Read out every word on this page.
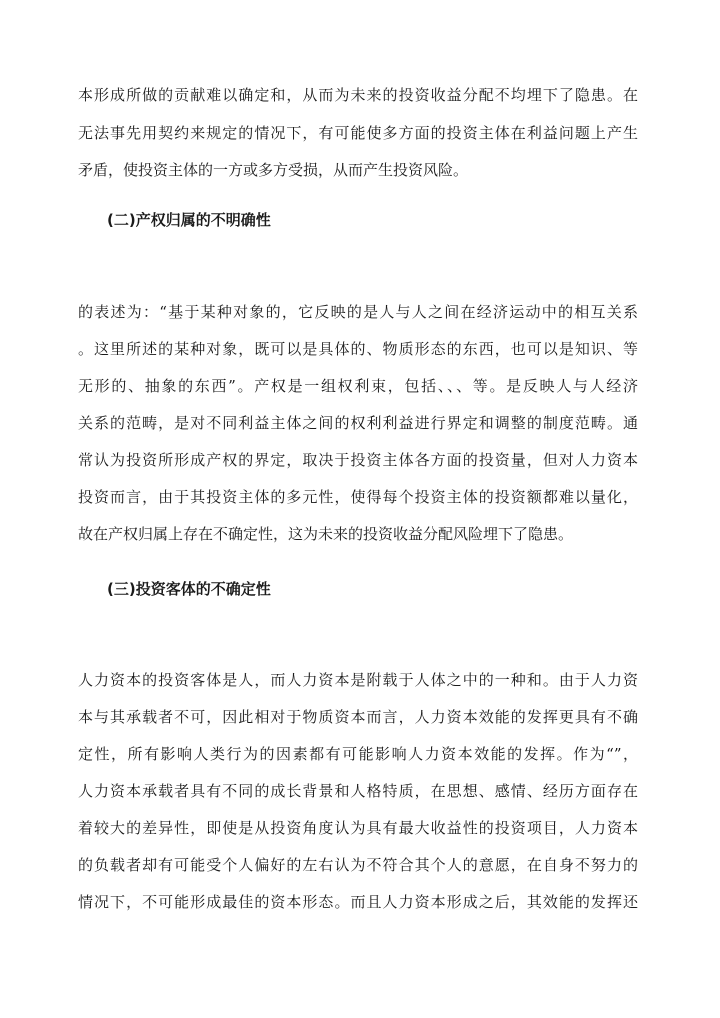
本形成所做的贡献难以确定和，从而为未来的投资收益分配不均埋下了隐患。在
无法事先用契约来规定的情况下，有可能使多方面的投资主体在利益问题上产生
矛盾，使投资主体的一方或多方受损，从而产生投资风险。
(二)产权归属的不明确性
的表述为：“基于某种对象的，它反映的是人与人之间在经济运动中的相互关系
。这里所述的某种对象，既可以是具体的、物质形态的东西，也可以是知识、等
无形的、抽象的东西”。产权是一组权利束，包括、、、等。是反映人与人经济
关系的范畴，是对不同利益主体之间的权利利益进行界定和调整的制度范畴。通
常认为投资所形成产权的界定，取决于投资主体各方面的投资量，但对人力资本
投资而言，由于其投资主体的多元性，使得每个投资主体的投资额都难以量化，
故在产权归属上存在不确定性，这为未来的投资收益分配风险埋下了隐患。
(三)投资客体的不确定性
人力资本的投资客体是人，而人力资本是附载于人体之中的一种和。由于人力资
本与其承载者不可，因此相对于物质资本而言，人力资本效能的发挥更具有不确
定性，所有影响人类行为的因素都有可能影响人力资本效能的发挥。作为“”，
人力资本承载者具有不同的成长背景和人格特质，在思想、感情、经历方面存在
着较大的差异性，即使是从投资角度认为具有最大收益性的投资项目，人力资本
的负载者却有可能受个人偏好的左右认为不符合其个人的意愿，在自身不努力的
情况下，不可能形成最佳的资本形态。而且人力资本形成之后，其效能的发挥还
